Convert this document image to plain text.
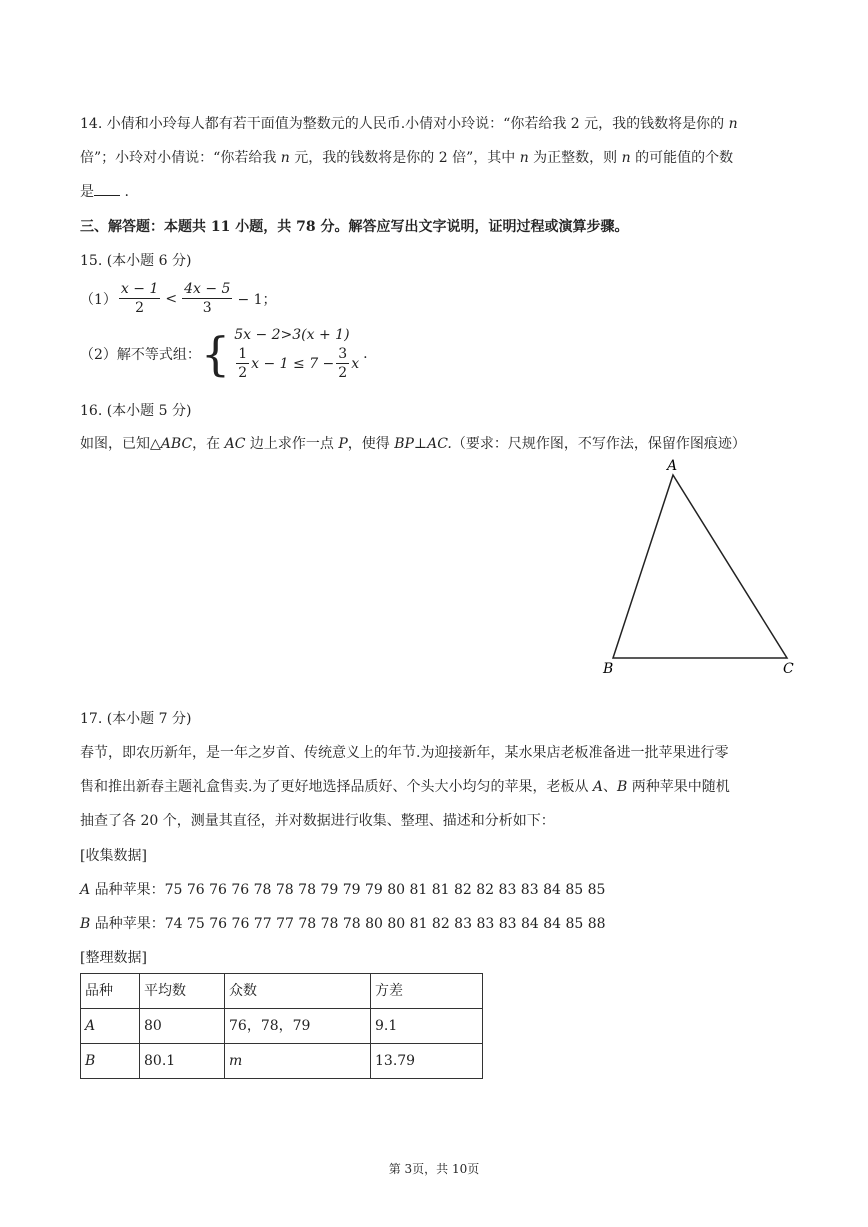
14. 小倩和小玲每人都有若干面值为整数元的人民币.小倩对小玲说：“你若给我 2 元，我的钱数将是你的 n
倍”；小玲对小倩说：“你若给我 n 元，我的钱数将是你的 2 倍”，其中 n 为正整数，则 n 的可能值的个数
是 .
三、解答题：本题共 11 小题，共 78 分。解答应写出文字说明，证明过程或演算步骤。
15. (本小题 6 分)
$(1) \frac{x - 1}{2} < \frac{4x - 5}{3} - 1$；
（2）解不等式组： { 5x − 2>3(x + 1)
$\frac{1}{2}$ $x - 1 \le 7 - \frac{3}{2}$ x
.
16. (本小题 5 分)
如图，已知△ABC，在 AC 边上求作一点 P，使得 BP⊥AC.（要求：尺规作图，不写作法，保留作图痕迹）
A
B	C
17. (本小题 7 分)
春节，即农历新年，是一年之岁首、传统意义上的年节.为迎接新年，某水果店老板准备进一批苹果进行零
售和推出新春主题礼盒售卖.为了更好地选择品质好、个头大小均匀的苹果，老板从 A、B 两种苹果中随机
抽查了各 20 个，测量其直径，并对数据进行收集、整理、描述和分析如下：
[收集数据]
A 品种苹果：75 76 76 76 78 78 78 79 79 79 80 81 81 82 82 83 83 84 85 85
B 品种苹果：74 75 76 76 77 77 78 78 78 80 80 81 82 83 83 83 84 84 85 88
[整理数据]
品种	平均数	众数	方差
A	80	76，78，79	9.1
B	80.1	m	13.79
第 3页，共 10页
